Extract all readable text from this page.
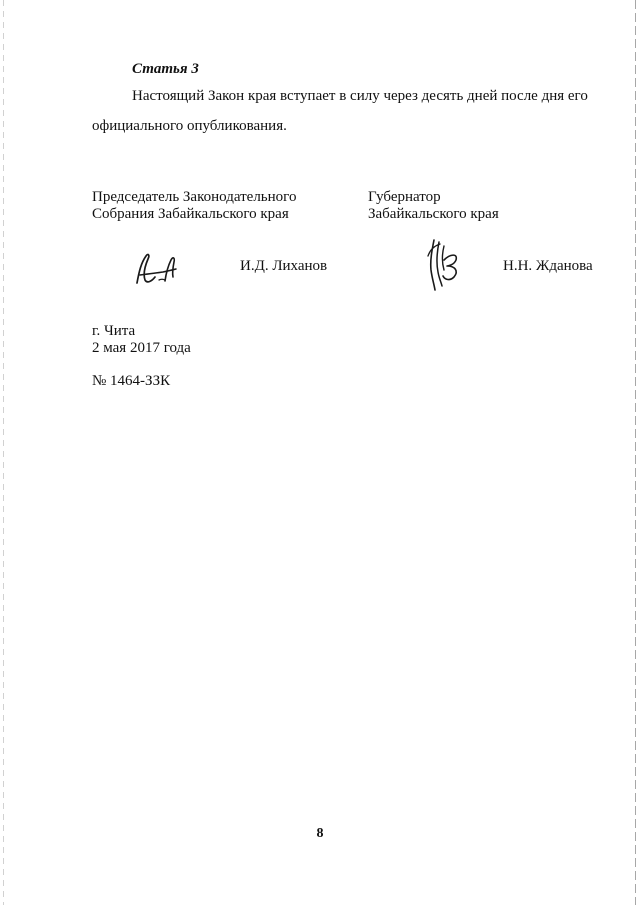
Статья 3
Настоящий Закон края вступает в силу через десять дней после дня его
официального опубликования.
Председатель Законодательного
Собрания Забайкальского края
Губернатор
Забайкальского края
И.Д. Лиханов	Н.Н. Жданова
г. Чита
2 мая 2017 года
№ 1464-ЗЗК
8
